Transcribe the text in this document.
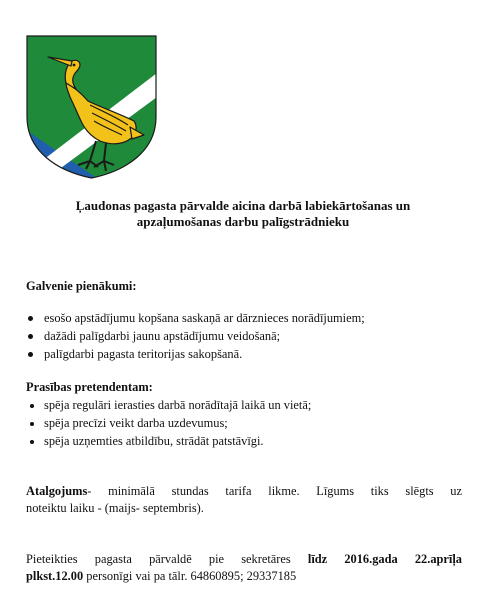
Ļaudonas pagasta pārvalde aicina darbā labiekārtošanas un
apzaļumošanas darbu palīgstrādnieku
Galvenie pienākumi:
esošo apstādījumu kopšana saskaņā ar dārznieces norādījumiem;
dažādi palīgdarbi jaunu apstādījumu veidošanā;
palīgdarbi pagasta teritorijas sakopšanā.
Prasības pretendentam:
spēja regulāri ierasties darbā norādītajā laikā un vietā;
spēja precīzi veikt darba uzdevumus;
spēja uzņemties atbildību, strādāt patstāvīgi.
Atalgojums- minimālā stundas tarifa likme. Līgums tiks slēgts uz
noteiktu laiku - (maijs- septembris).
Pieteikties pagasta pārvaldē pie sekretāres līdz 2016.gada 22.aprīļa
plkst.12.00 personīgi vai pa tālr. 64860895; 29337185
